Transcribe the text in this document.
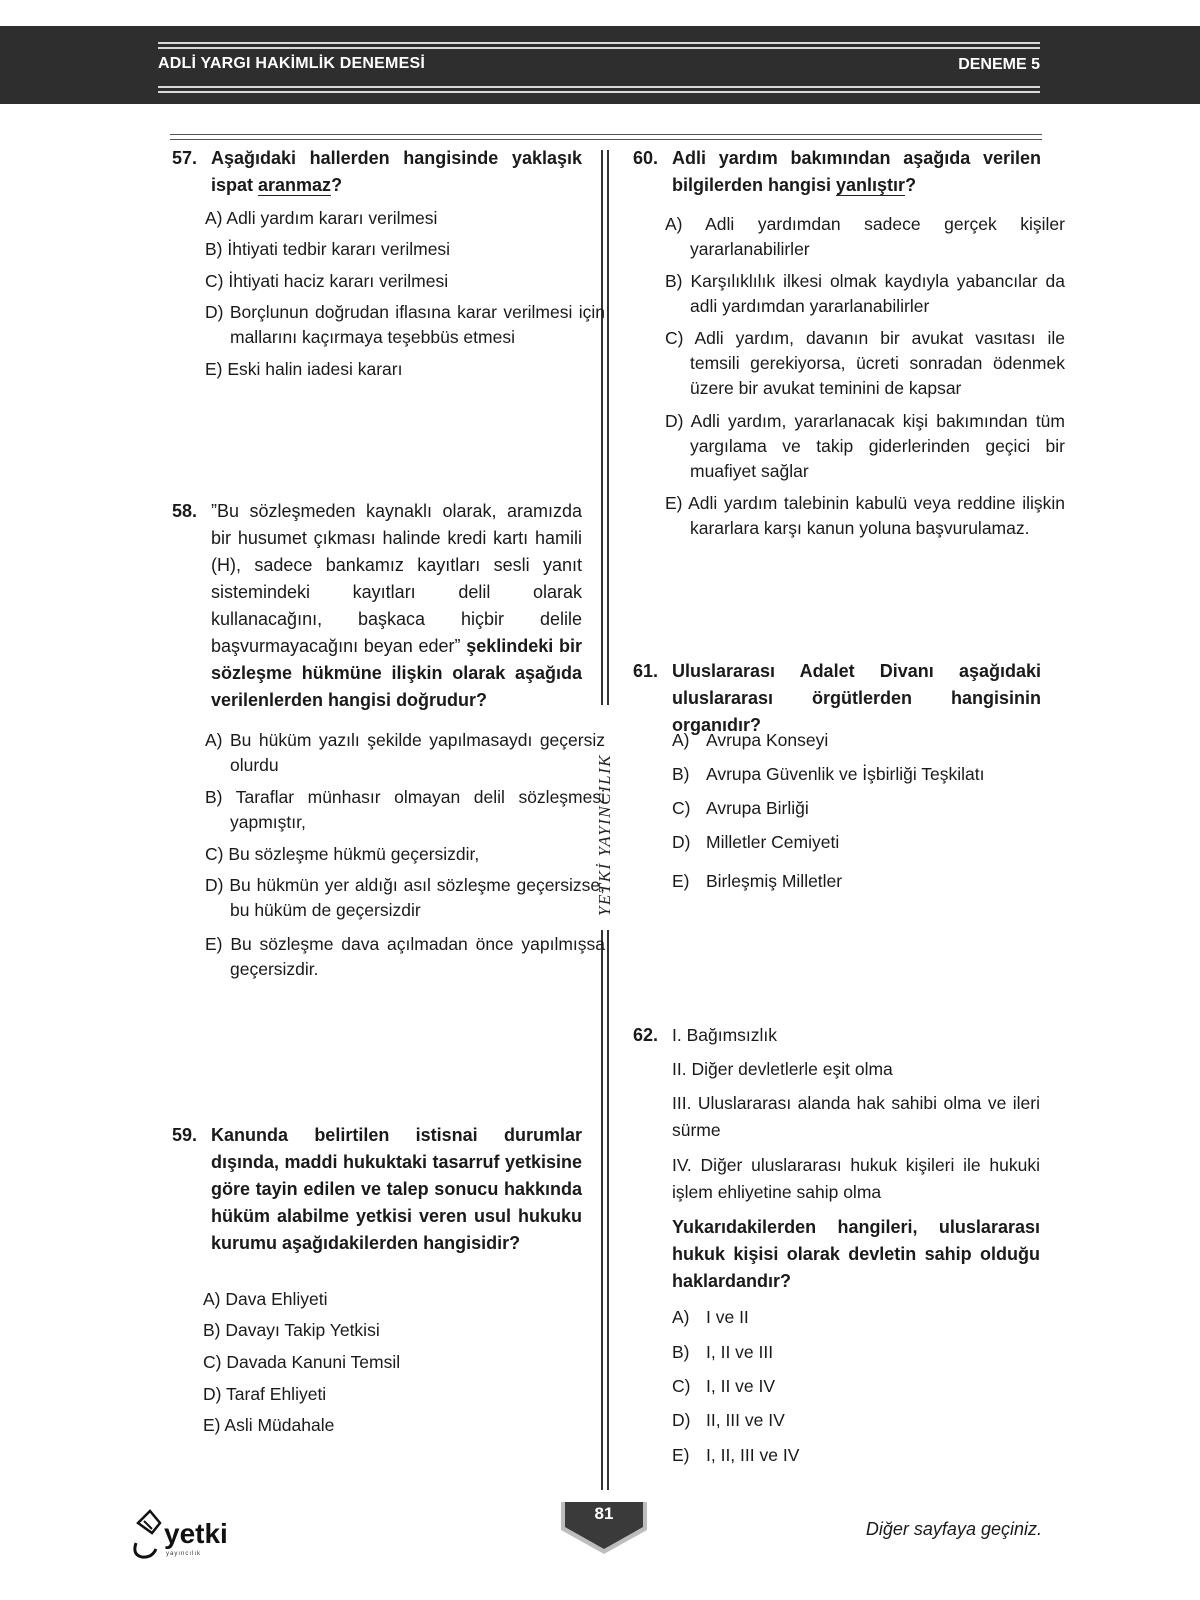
ADLİ YARGI HAKİMLİK DENEMESİ	DENEME 5
YETKİ YAYINCILIK
57. Aşağıdaki hallerden hangisinde yaklaşık ispat aranmaz?
A) Adli yardım kararı verilmesi
B) İhtiyati tedbir kararı verilmesi
C) İhtiyati haciz kararı verilmesi
D) Borçlunun doğrudan iflasına karar verilmesi için mallarını kaçırmaya teşebbüs etmesi
E) Eski halin iadesi kararı
58. ”Bu sözleşmeden kaynaklı olarak, aramızda bir husumet çıkması halinde kredi kartı hamili (H), sadece bankamız kayıtları sesli yanıt sistemindeki kayıtları delil olarak kullanacağını, başkaca hiçbir delile başvurmayacağını beyan eder” şeklindeki bir sözleşme hükmüne ilişkin olarak aşağıda verilenlerden hangisi doğrudur?
A) Bu hüküm yazılı şekilde yapılmasaydı geçersiz olurdu
B) Taraflar münhasır olmayan delil sözleşmesi yapmıştır,
C) Bu sözleşme hükmü geçersizdir,
D) Bu hükmün yer aldığı asıl sözleşme geçersizse, bu hüküm de geçersizdir
E) Bu sözleşme dava açılmadan önce yapılmışsa geçersizdir.
59. Kanunda belirtilen istisnai durumlar dışında, maddi hukuktaki tasarruf yetkisine göre tayin edilen ve talep sonucu hakkında hüküm alabilme yetkisi veren usul hukuku kurumu aşağıdakilerden hangisidir?
A) Dava Ehliyeti
B) Davayı Takip Yetkisi
C) Davada Kanuni Temsil
D) Taraf Ehliyeti
E) Asli Müdahale
60. Adli yardım bakımından aşağıda verilen bilgilerden hangisi yanlıştır?
A) Adli yardımdan sadece gerçek kişiler yararlanabilirler
B) Karşılıklılık ilkesi olmak kaydıyla yabancılar da adli yardımdan yararlanabilirler
C) Adli yardım, davanın bir avukat vasıtası ile temsili gerekiyorsa, ücreti sonradan ödenmek üzere bir avukat teminini de kapsar
D) Adli yardım, yararlanacak kişi bakımından tüm yargılama ve takip giderlerinden geçici bir muafiyet sağlar
E) Adli yardım talebinin kabulü veya reddine ilişkin kararlara karşı kanun yoluna başvurulamaz.
61. Uluslararası Adalet Divanı aşağıdaki uluslararası örgütlerden hangisinin organıdır?
A) Avrupa Konseyi
B) Avrupa Güvenlik ve İşbirliği Teşkilatı
C) Avrupa Birliği
D) Milletler Cemiyeti
E) Birleşmiş Milletler
62. I. Bağımsızlık
II. Diğer devletlerle eşit olma
III. Uluslararası alanda hak sahibi olma ve ileri sürme
IV. Diğer uluslararası hukuk kişileri ile hukuki işlem ehliyetine sahip olma
Yukarıdakilerden hangileri, uluslararası hukuk kişisi olarak devletin sahip olduğu haklardandır?
A) I ve II
B) I, II ve III
C) I, II ve IV
D) II, III ve IV
E) I, II, III ve IV
yetki
yayıncılık
81
Diğer sayfaya geçiniz.
